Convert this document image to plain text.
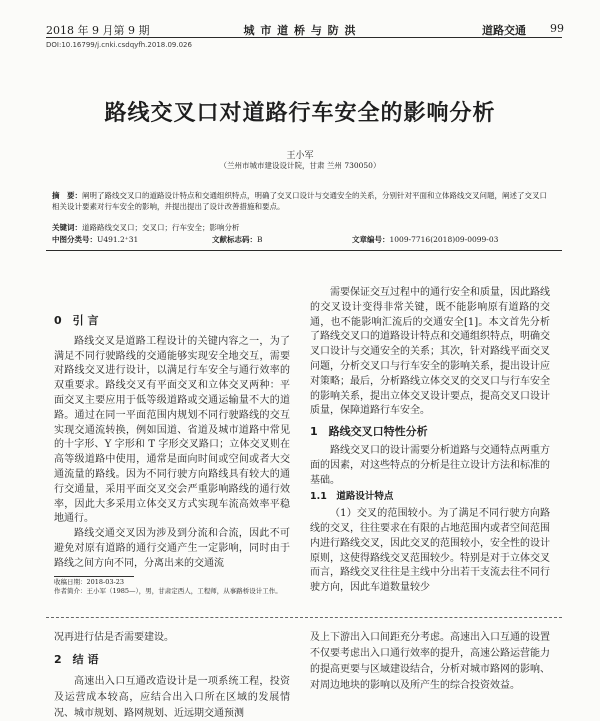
2018 年 9 月第 9 期	城 市 道 桥 与 防 洪	道路交通 99
DOI:10.16799/j.cnki.csdqyfh.2018.09.026
路线交叉口对道路行车安全的影响分析
王小军
（兰州市城市建设设计院，甘肃 兰州 730050）
摘　要：阐明了路线交叉口的道路设计特点和交通组织特点，明确了交叉口设计与交通安全的关系，分别针对平面和立体路线交叉问题，阐述了交叉口相关设计要素对行车安全的影响，并提出提出了设计改善措施和要点。
关键词：道路路线交叉口；交叉口；行车安全；影响分析
中图分类号：U491.2⁺31	文献标志码：B	文章编号：1009-7716(2018)09-0099-03
0　引 言

路线交叉是道路工程设计的关键内容之一，为了满足不同行驶路线的交通能够实现安全地交互，需要对路线交叉进行设计，以满足行车安全与通行效率的双重要求。路线交叉有平面交叉和立体交叉两种：平面交叉主要应用于低等级道路或交通运输量不大的道路。通过在同一平面范围内规划不同行驶路线的交互实现交通流转换，例如国道、省道及城市道路中常见的十字形、Y 字形和 T 字形交叉路口；立体交叉则在高等级道路中使用，通常是面向时间或空间或者大交通流量的路线。因为不同行驶方向路线具有较大的通行交通量，采用平面交叉交会严重影响路线的通行效率，因此大多采用立体交叉方式实现车流高效率平稳地通行。

路线交通交叉因为涉及到分流和合流，因此不可避免对原有道路的通行交通产生一定影响，同时由于路线之间方向不同，分离出来的交通流

收稿日期：2018-03-23
作者简介：王小军（1985—），男，甘肃定西人，工程师，从事路桥设计工作。

需要保证交互过程中的通行安全和质量，因此路线的交叉设计变得非常关键，既不能影响原有道路的交通，也不能影响汇流后的交通安全[1]。本文首先分析了路线交叉口的道路设计特点和交通组织特点，明确交叉口设计与交通安全的关系；其次，针对路线平面交叉问题，分析交叉口与行车安全的影响关系，提出设计应对策略；最后，分析路线立体交叉的交叉口与行车安全的影响关系，提出立体交叉设计要点，提高交叉口设计质量，保障道路行车安全。

1　路线交叉口特性分析

路线交叉口的设计需要分析道路与交通特点两重方面的因素，对这些特点的分析是往立设计方法和标准的基础。

1.1　道路设计特点

（1）交叉的范围较小。为了满足不同行驶方向路线的交叉，往往要求在有限的占地范围内或者空间范围内进行路线交叉，因此交叉的范围较小，安全性的设计原则，这使得路线交叉范围较少。特别是对于立体交叉而言，路线交叉往往是主线中分出若干支流去往不同行驶方向，因此车道数量较少

况再进行估是否需要建设。
2　结 语
高速出入口互通改造设计是一项系统工程，投资及运营成本较高，应结合出入口所在区域的发展情况、城市规划、路网规划、近远期交通预测
及上下游出入口间距充分考虑。高速出入口互通的设置不仅要考虑出入口通行效率的提升，高速公路运营能力的提高更要与区域建设结合，分析对城市路网的影响、对周边地块的影响以及所产生的综合投资效益。
